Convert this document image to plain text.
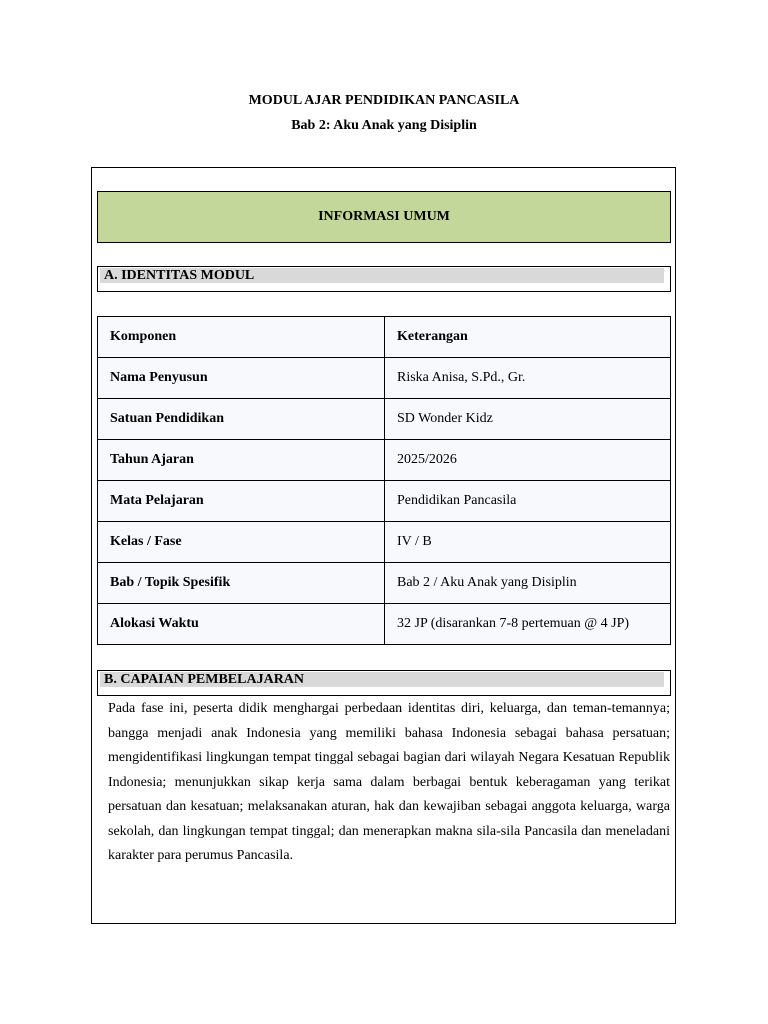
MODUL AJAR PENDIDIKAN PANCASILA
Bab 2: Aku Anak yang Disiplin
INFORMASI UMUM
A. IDENTITAS MODUL
Komponen	Keterangan
Nama Penyusun	Riska Anisa, S.Pd., Gr.
Satuan Pendidikan	SD Wonder Kidz
Tahun Ajaran	2025/2026
Mata Pelajaran	Pendidikan Pancasila
Kelas / Fase	IV / B
Bab / Topik Spesifik	Bab 2 / Aku Anak yang Disiplin
Alokasi Waktu	32 JP (disarankan 7-8 pertemuan @ 4 JP)
B. CAPAIAN PEMBELAJARAN

Pada fase ini, peserta didik menghargai perbedaan identitas diri, keluarga, dan teman-temannya; bangga menjadi anak Indonesia yang memiliki bahasa Indonesia sebagai bahasa persatuan; mengidentifikasi lingkungan tempat tinggal sebagai bagian dari wilayah Negara Kesatuan Republik Indonesia; menunjukkan sikap kerja sama dalam berbagai bentuk keberagaman yang terikat persatuan dan kesatuan; melaksanakan aturan, hak dan kewajiban sebagai anggota keluarga, warga sekolah, dan lingkungan tempat tinggal; dan menerapkan makna sila-sila Pancasila dan meneladani karakter para perumus Pancasila.
